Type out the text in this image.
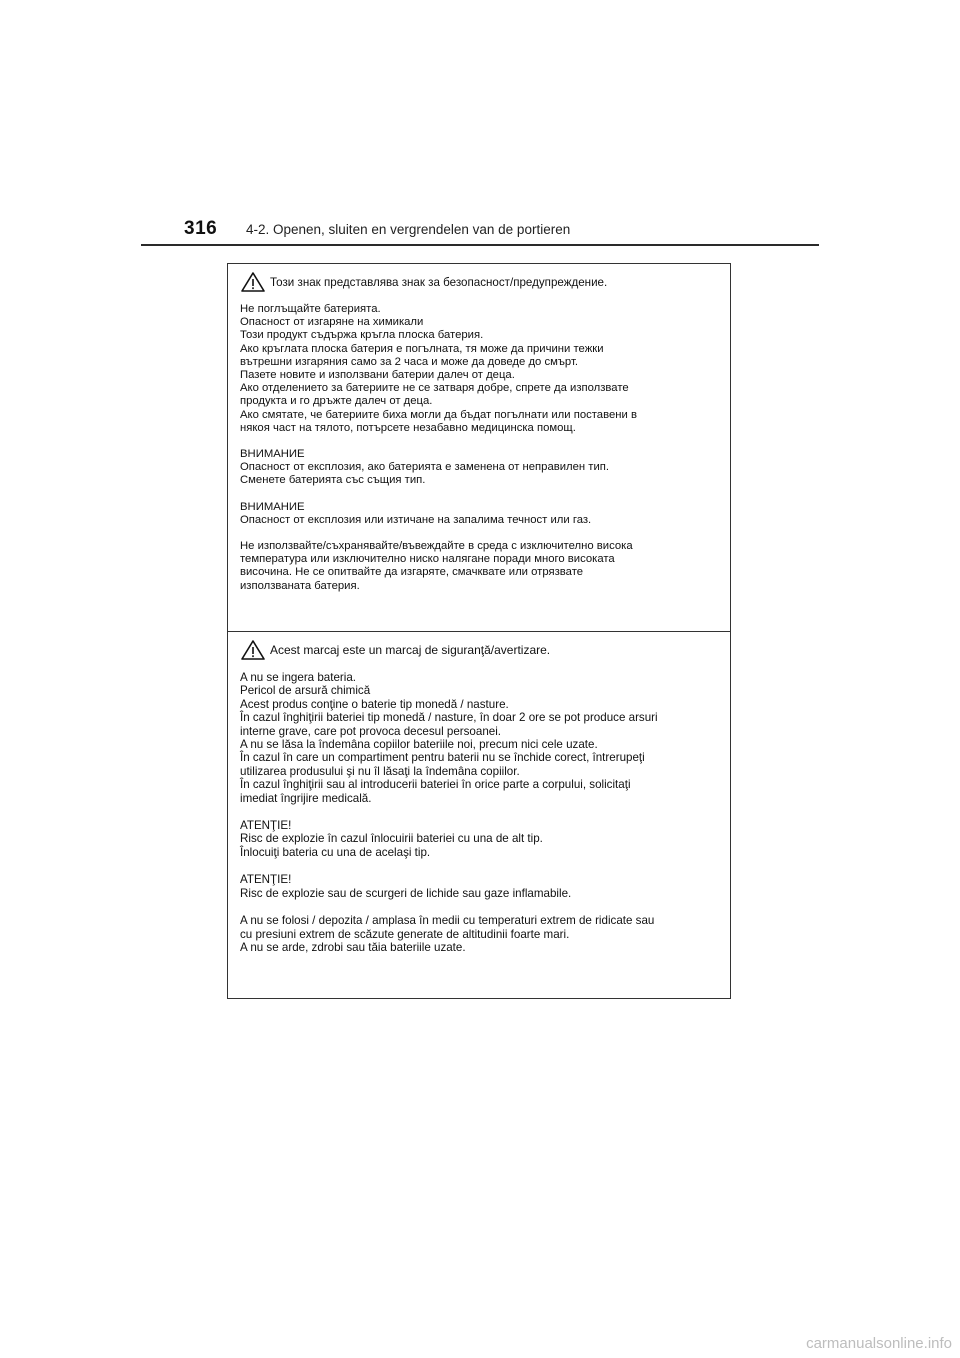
316 4-2. Openen, sluiten en vergrendelen van de portieren
Този знак представлява знак за безопасност/предупреждение.
Не поглъщайте батерията.
Опасност от изгаряне на химикали
Този продукт съдържа кръгла плоска батерия.
Ако кръглата плоска батерия е погълната, тя може да причини тежки
вътрешни изгаряния само за 2 часа и може да доведе до смърт.
Пазете новите и използвани батерии далеч от деца.
Ако отделението за батериите не се затваря добре, спрете да използвате
продукта и го дръжте далеч от деца.
Ако смятате, че батериите биха могли да бъдат погълнати или поставени в
някоя част на тялото, потърсете незабавно медицинска помощ.
ВНИМАНИЕ
Опасност от експлозия, ако батерията е заменена от неправилен тип.
Сменете батерията със същия тип.
ВНИМАНИЕ
Опасност от експлозия или изтичане на запалима течност или газ.
Не използвайте/съхранявайте/въвеждайте в среда с изключително висока
температура или изключително ниско налягане поради много високата
височина. Не се опитвайте да изгаряте, смачквате или отрязвате
използваната батерия.
Acest marcaj este un marcaj de siguranţă/avertizare.
A nu se ingera bateria.
Pericol de arsură chimică
Acest produs conţine o baterie tip monedă / nasture.
În cazul înghiţirii bateriei tip monedă / nasture, în doar 2 ore se pot produce arsuri
interne grave, care pot provoca decesul persoanei.
A nu se lăsa la îndemâna copiilor bateriile noi, precum nici cele uzate.
În cazul în care un compartiment pentru baterii nu se închide corect, întrerupeţi
utilizarea produsului şi nu îl lăsaţi la îndemâna copiilor.
În cazul înghiţirii sau al introducerii bateriei în orice parte a corpului, solicitaţi
imediat îngrijire medicală.
ATENŢIE!
Risc de explozie în cazul înlocuirii bateriei cu una de alt tip.
Înlocuiţi bateria cu una de acelaşi tip.
ATENŢIE!
Risc de explozie sau de scurgeri de lichide sau gaze inflamabile.
A nu se folosi / depozita / amplasa în medii cu temperaturi extrem de ridicate sau
cu presiuni extrem de scăzute generate de altitudinii foarte mari.
A nu se arde, zdrobi sau tăia bateriile uzate.
carmanualsonline.info
